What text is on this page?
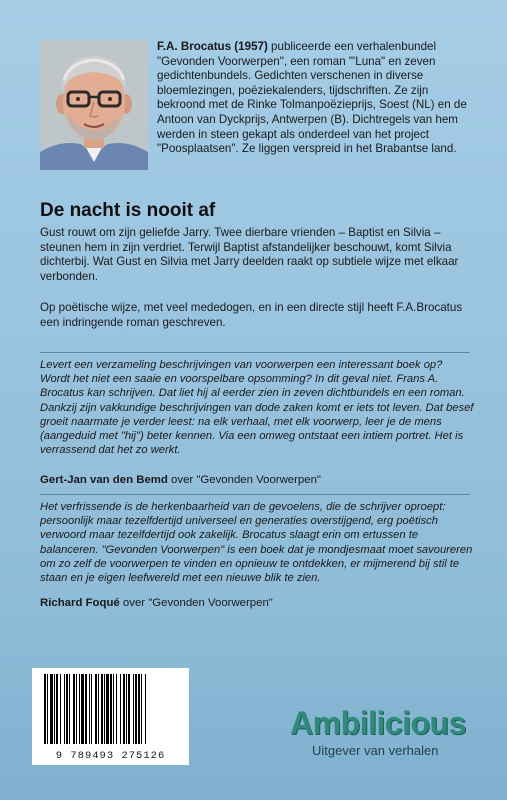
F.A. Brocatus (1957) publiceerde een verhalenbundel "Gevonden Voorwerpen", een roman "'Luna" en zeven gedichtenbundels. Gedichten verschenen in diverse bloemlezingen, poëziekalenders, tijdschriften. Ze zijn bekroond met de Rinke Tolmanpoëzieprijs, Soest (NL) en de Antoon van Dyckprijs, Antwerpen (B). Dichtregels van hem werden in steen gekapt als onderdeel van het project "Poosplaatsen". Ze liggen verspreid in het Brabantse land.

De nacht is nooit af

Gust rouwt om zijn geliefde Jarry. Twee dierbare vrienden – Baptist en Silvia – steunen hem in zijn verdriet. Terwijl Baptist afstandelijker beschouwt, komt Silvia dichterbij. Wat Gust en Silvia met Jarry deelden raakt op subtiele wijze met elkaar verbonden.

Op poëtische wijze, met veel mededogen, en in een directe stijl heeft F.A.Brocatus een indringende roman geschreven.

Levert een verzameling beschrijvingen van voorwerpen een interessant boek op? Wordt het niet een saaie en voorspelbare opsomming? In dit geval niet. Frans A. Brocatus kan schrijven. Dat liet hij al eerder zien in zeven dichtbundels en een roman. Dankzij zijn vakkundige beschrijvingen van dode zaken komt er iets tot leven. Dat besef groeit naarmate je verder leest: na elk verhaal, met elk voorwerp, leer je de mens (aangeduid met "hij") beter kennen. Via een omweg ontstaat een intiem portret. Het is verrassend dat het zo werkt.

Gert-Jan van den Bemd over "Gevonden Voorwerpen"

Het verfrissende is de herkenbaarheid van de gevoelens, die de schrijver oproept: persoonlijk maar tezelfdertijd universeel en generaties overstijgend, erg poëtisch verwoord maar tezelfdertijd ook zakelijk. Brocatus slaagt erin om ertussen te balanceren. "Gevonden Voorwerpen" is een boek dat je mondjesmaat moet savoureren om zo zelf de voorwerpen te vinden en opnieuw te ontdekken, er mijmerend bij stil te staan en je eigen leefwereld met een nieuwe blik te zien.

Richard Foqué over "Gevonden Voorwerpen"

9 789493 275126
Ambilicious
Uitgever van verhalen
